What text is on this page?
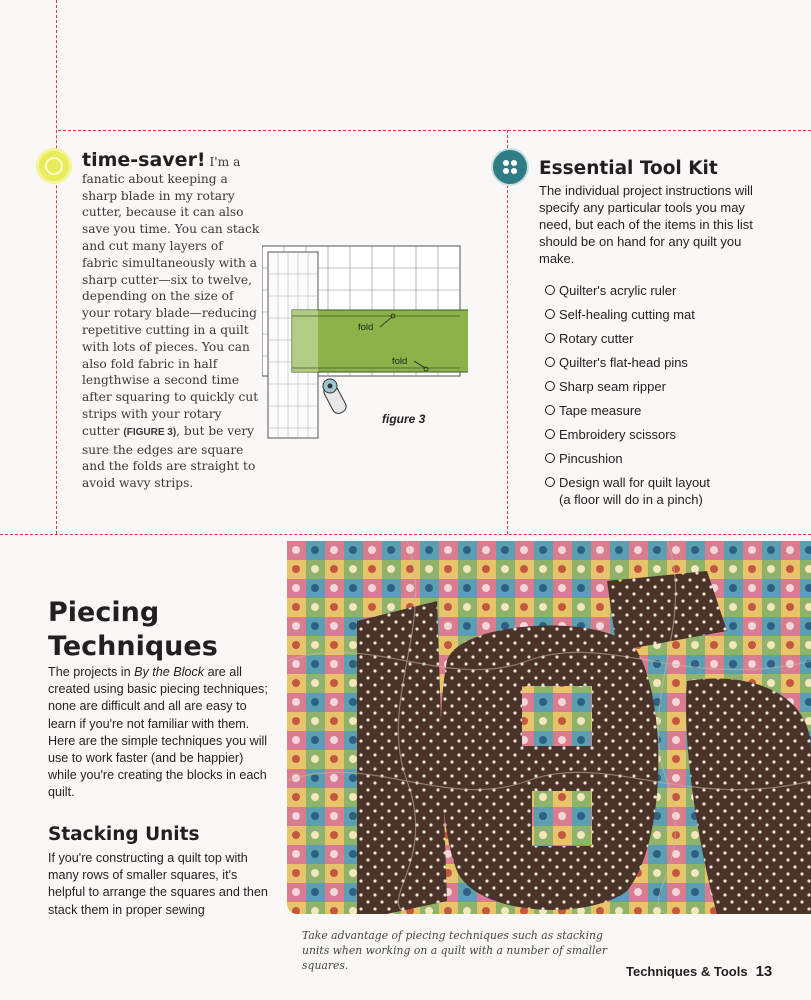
time-saver! I'm a fanatic about keeping a sharp blade in my rotary cutter, because it can also save you time. You can stack and cut many layers of fabric simultaneously with a sharp cutter—six to twelve, depending on the size of your rotary blade—reducing repetitive cutting in a quilt with lots of pieces. You can also fold fabric in half lengthwise a second time after squaring to quickly cut strips with your rotary cutter (FIGURE 3), but be very sure the edges are square and the folds are straight to avoid wavy strips.
fold
fold
figure 3
Essential Tool Kit
The individual project instructions will specify any particular tools you may need, but each of the items in this list should be on hand for any quilt you make.
Quilter's acrylic ruler
Self-healing cutting mat
Rotary cutter
Quilter's flat-head pins
Sharp seam ripper
Tape measure
Embroidery scissors
Pincushion
Design wall for quilt layout
(a floor will do in a pinch)
Piecing
Techniques
The projects in By the Block are all created using basic piecing techniques; none are difficult and all are easy to learn if you're not familiar with them. Here are the simple techniques you will use to work faster (and be happier) while you're creating the blocks in each quilt.
Stacking Units
If you're constructing a quilt top with many rows of smaller squares, it's helpful to arrange the squares and then stack them in proper sewing
Take advantage of piecing techniques such as stacking units when working on a quilt with a number of smaller squares.	Techniques & Tools 13
